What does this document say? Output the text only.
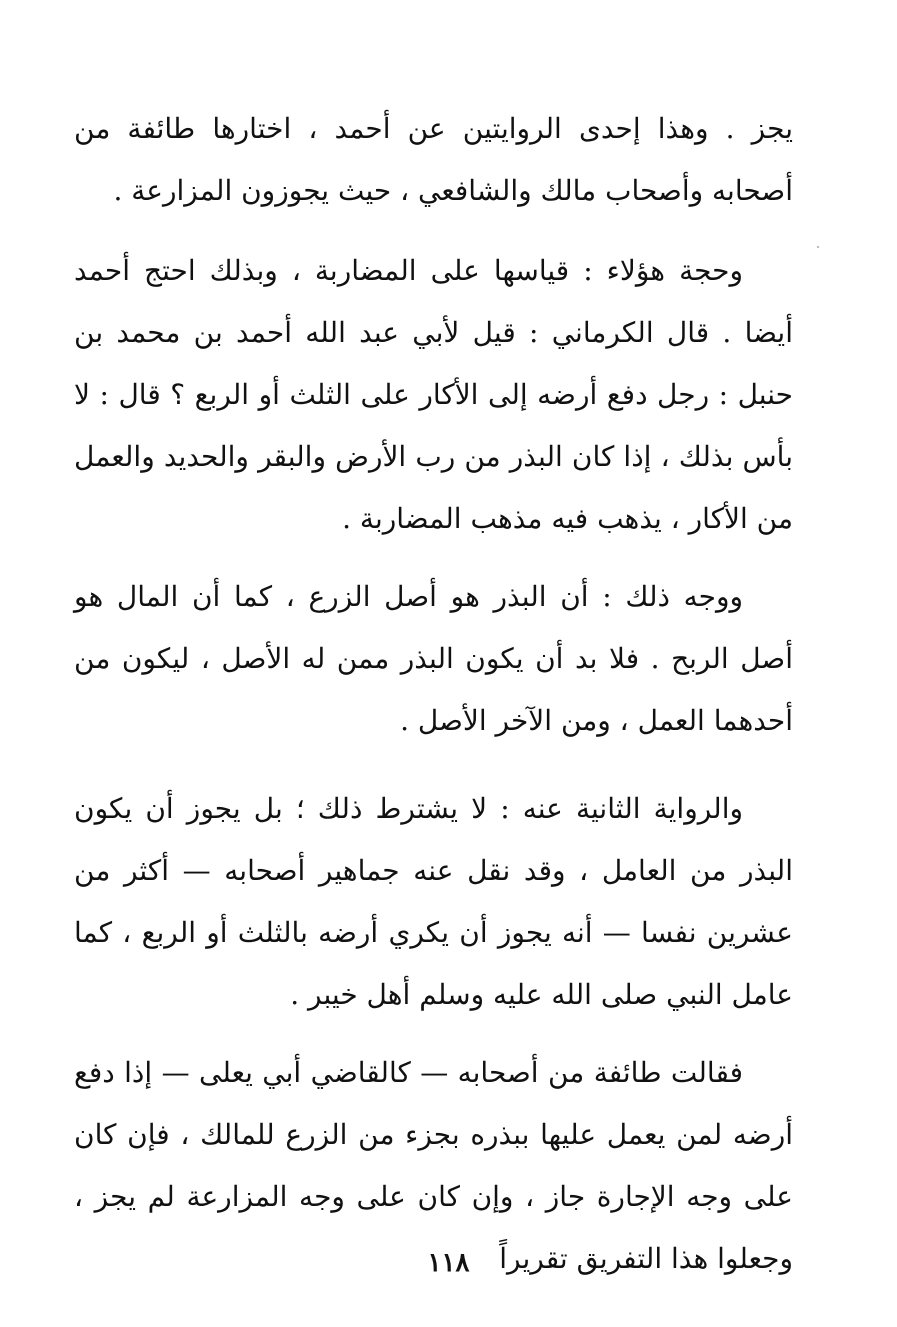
يجز . وهذا إحدى الروايتين عن أحمد ، اختارها طائفة من أصحابه وأصحاب مالك والشافعي ، حيث يجوزون المزارعة .
وحجة هؤلاء : قياسها على المضاربة ، وبذلك احتج أحمد أيضا . قال الكرماني : قيل لأبي عبد الله أحمد بن محمد بن حنبل : رجل دفع أرضه إلى الأكار على الثلث أو الربع ؟ قال : لا بأس بذلك ، إذا كان البذر من رب الأرض والبقر والحديد والعمل من الأكار ، يذهب فيه مذهب المضاربة .
ووجه ذلك : أن البذر هو أصل الزرع ، كما أن المال هو أصل الربح . فلا بد أن يكون البذر ممن له الأصل ، ليكون من أحدهما العمل ، ومن الآخر الأصل .
والرواية الثانية عنه : لا يشترط ذلك ؛ بل يجوز أن يكون البذر من العامل ، وقد نقل عنه جماهير أصحابه — أكثر من عشرين نفسا — أنه يجوز أن يكري أرضه بالثلث أو الربع ، كما عامل النبي صلى الله عليه وسلم أهل خيبر .
فقالت طائفة من أصحابه — كالقاضي أبي يعلى — إذا دفع أرضه لمن يعمل عليها ببذره بجزء من الزرع للمالك ، فإن كان على وجه الإجارة جاز ، وإن كان على وجه المزارعة لم يجز ، وجعلوا هذا التفريق تقريراً
١١٨
